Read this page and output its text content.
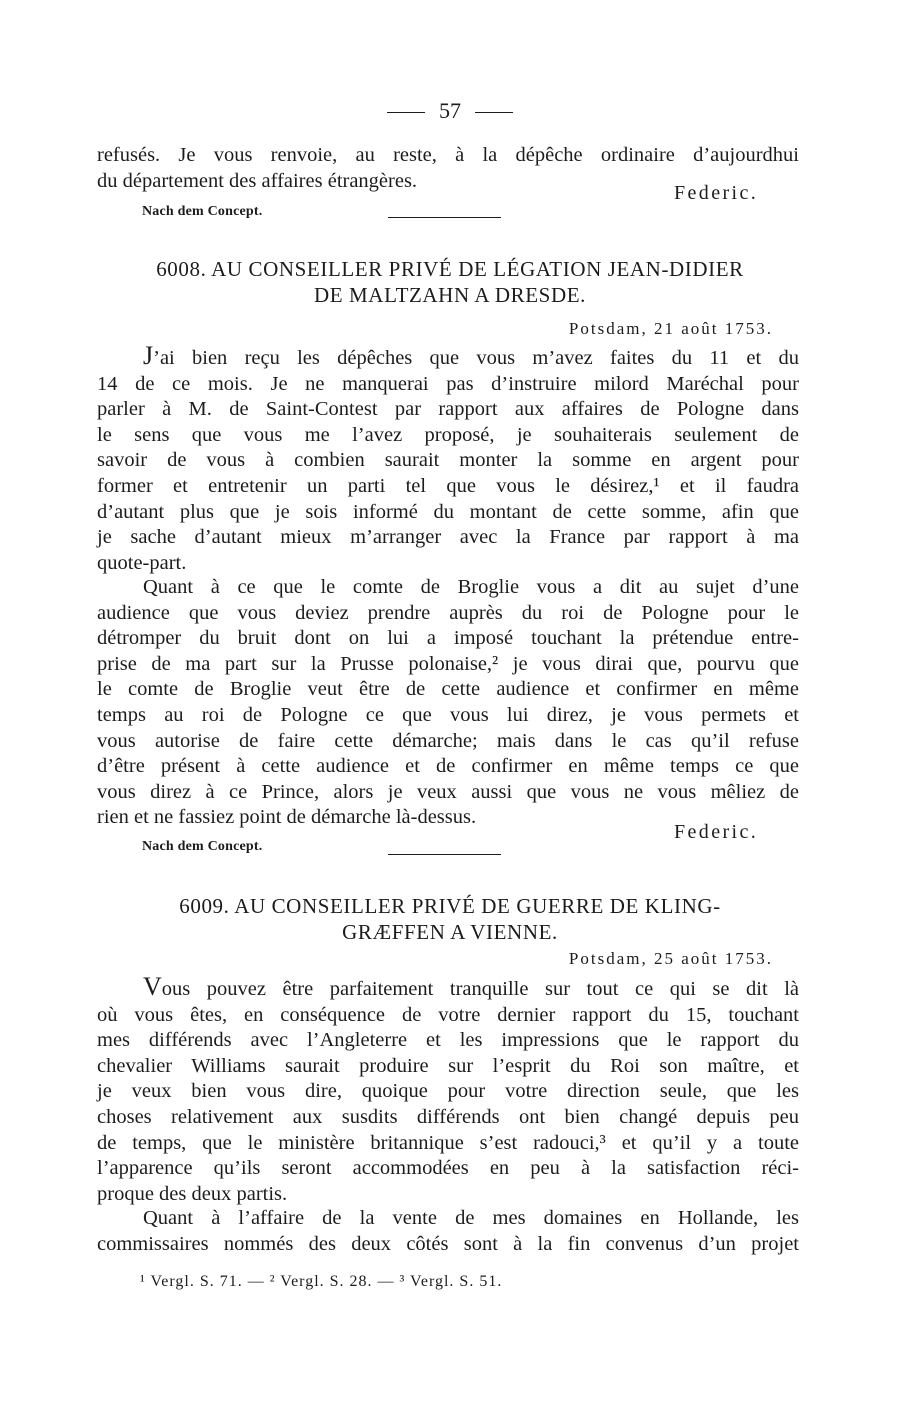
57
refusés. Je vous renvoie, au reste, à la dépêche ordinaire d’aujourdhui
du département des affaires étrangères.
Federic.
Nach dem Concept.
6008. AU CONSEILLER PRIVÉ DE LÉGATION JEAN-DIDIER
DE MALTZAHN A DRESDE.
Potsdam, 21 août 1753.
J’ai bien reçu les dépêches que vous m’avez faites du 11 et du
14 de ce mois. Je ne manquerai pas d’instruire milord Maréchal pour
parler à M. de Saint-Contest par rapport aux affaires de Pologne dans
le sens que vous me l’avez proposé, je souhaiterais seulement de
savoir de vous à combien saurait monter la somme en argent pour
former et entretenir un parti tel que vous le désirez,¹ et il faudra
d’autant plus que je sois informé du montant de cette somme, afin que
je sache d’autant mieux m’arranger avec la France par rapport à ma
quote-part.
Quant à ce que le comte de Broglie vous a dit au sujet d’une
audience que vous deviez prendre auprès du roi de Pologne pour le
détromper du bruit dont on lui a imposé touchant la prétendue entre-
prise de ma part sur la Prusse polonaise,² je vous dirai que, pourvu que
le comte de Broglie veut être de cette audience et confirmer en même
temps au roi de Pologne ce que vous lui direz, je vous permets et
vous autorise de faire cette démarche; mais dans le cas qu’il refuse
d’être présent à cette audience et de confirmer en même temps ce que
vous direz à ce Prince, alors je veux aussi que vous ne vous mêliez de
rien et ne fassiez point de démarche là-dessus.
Federic.
Nach dem Concept.
6009. AU CONSEILLER PRIVÉ DE GUERRE DE KLING-
GRÆFFEN A VIENNE.
Potsdam, 25 août 1753.
Vous pouvez être parfaitement tranquille sur tout ce qui se dit là
où vous êtes, en conséquence de votre dernier rapport du 15, touchant
mes différends avec l’Angleterre et les impressions que le rapport du
chevalier Williams saurait produire sur l’esprit du Roi son maître, et
je veux bien vous dire, quoique pour votre direction seule, que les
choses relativement aux susdits différends ont bien changé depuis peu
de temps, que le ministère britannique s’est radouci,³ et qu’il y a toute
l’apparence qu’ils seront accommodées en peu à la satisfaction réci-
proque des deux partis.
Quant à l’affaire de la vente de mes domaines en Hollande, les
commissaires nommés des deux côtés sont à la fin convenus d’un projet
¹ Vergl. S. 71. — ² Vergl. S. 28. — ³ Vergl. S. 51.
